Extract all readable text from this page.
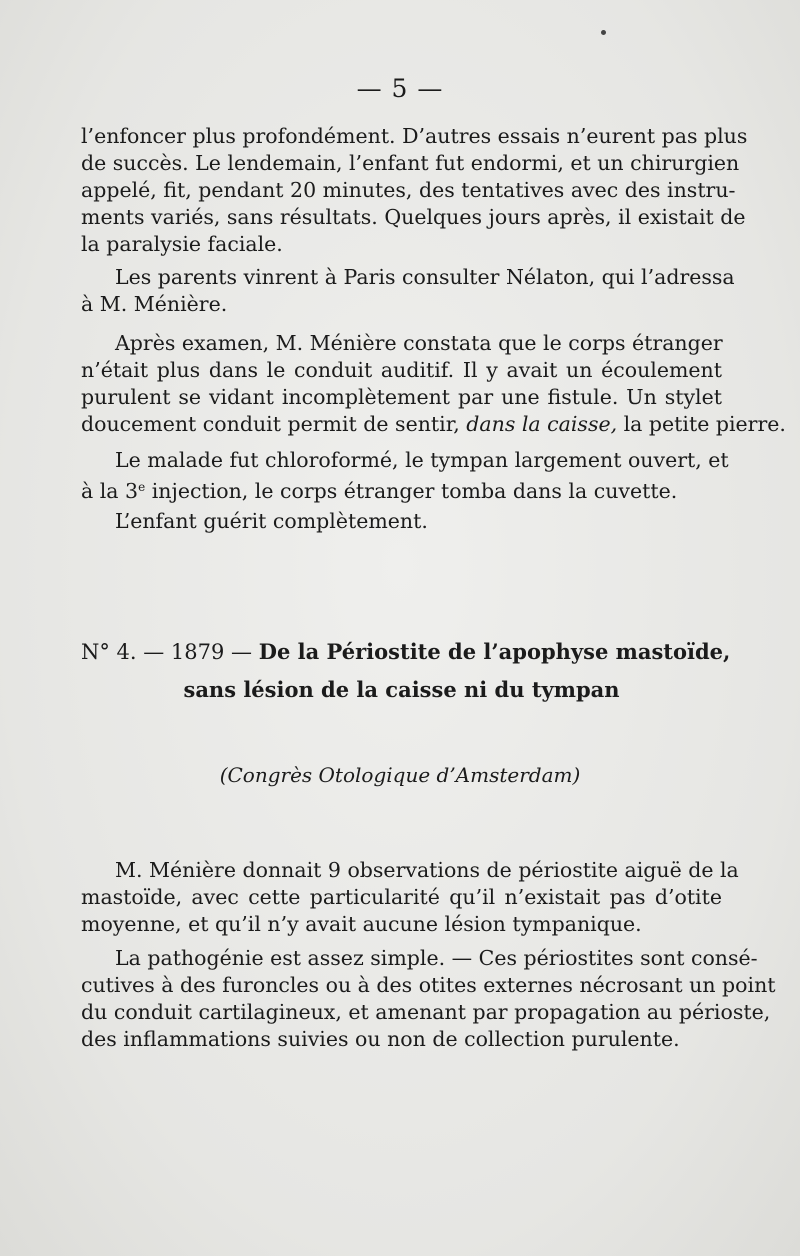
— 5 —
l’enfoncer plus profondément. D’autres essais n’eurent pas plus
de succès. Le lendemain, l’enfant fut endormi, et un chirurgien
appelé, fit, pendant 20 minutes, des tentatives avec des instru-
ments variés, sans résultats. Quelques jours après, il existait de
la paralysie faciale.
Les parents vinrent à Paris consulter Nélaton, qui l’adressa
à M. Ménière.
Après examen, M. Ménière constata que le corps étranger
n’était plus dans le conduit auditif. Il y avait un écoulement
purulent se vidant incomplètement par une fistule. Un stylet
doucement conduit permit de sentir, dans la caisse, la petite pierre.
Le malade fut chloroformé, le tympan largement ouvert, et
à la 3e injection, le corps étranger tomba dans la cuvette.
L’enfant guérit complètement.
N° 4. — 1879 — De la Périostite de l’apophyse mastoïde,
sans lésion de la caisse ni du tympan
(Congrès Otologique d’Amsterdam)
M. Ménière donnait 9 observations de périostite aiguë de la
mastoïde, avec cette particularité qu’il n’existait pas d’otite
moyenne, et qu’il n’y avait aucune lésion tympanique.
La pathogénie est assez simple. — Ces périostites sont consé-
cutives à des furoncles ou à des otites externes nécrosant un point
du conduit cartilagineux, et amenant par propagation au périoste,
des inflammations suivies ou non de collection purulente.
